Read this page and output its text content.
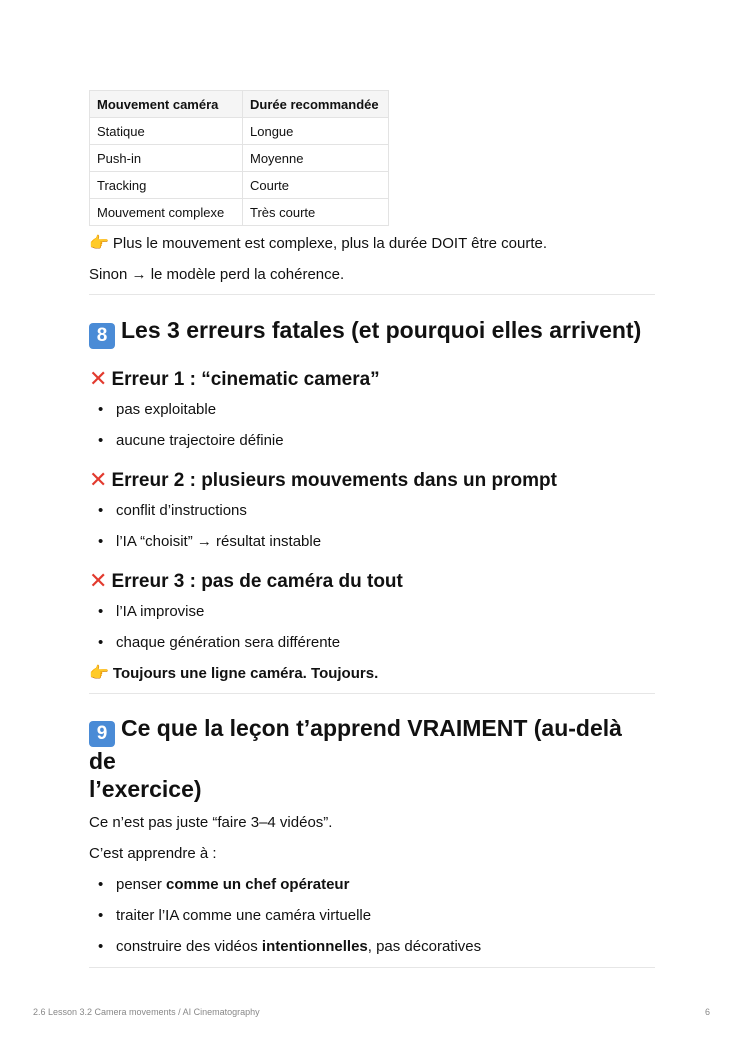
Mouvement caméra	Durée recommandée
Statique	Longue
Push-in	Moyenne
Tracking	Courte
Mouvement complexe	Très courte

👉 Plus le mouvement est complexe, plus la durée DOIT être courte.

Sinon → le modèle perd la cohérence.

8 Les 3 erreurs fatales (et pourquoi elles arrivent)
✕ Erreur 1 : “cinematic camera”
• pas exploitable
• aucune trajectoire définie
✕ Erreur 2 : plusieurs mouvements dans un prompt
• conflit d’instructions
• l’IA “choisit” → résultat instable
✕ Erreur 3 : pas de caméra du tout
• l’IA improvise
• chaque génération sera différente

👉 Toujours une ligne caméra. Toujours.

9 Ce que la leçon t’apprend VRAIMENT (au-delà de
l’exercice)

Ce n’est pas juste “faire 3–4 vidéos”.

C’est apprendre à :

• penser comme un chef opérateur
• traiter l’IA comme une caméra virtuelle
• construire des vidéos intentionnelles, pas décoratives
2.6 Lesson 3.2 Camera movements / AI Cinematography	6
